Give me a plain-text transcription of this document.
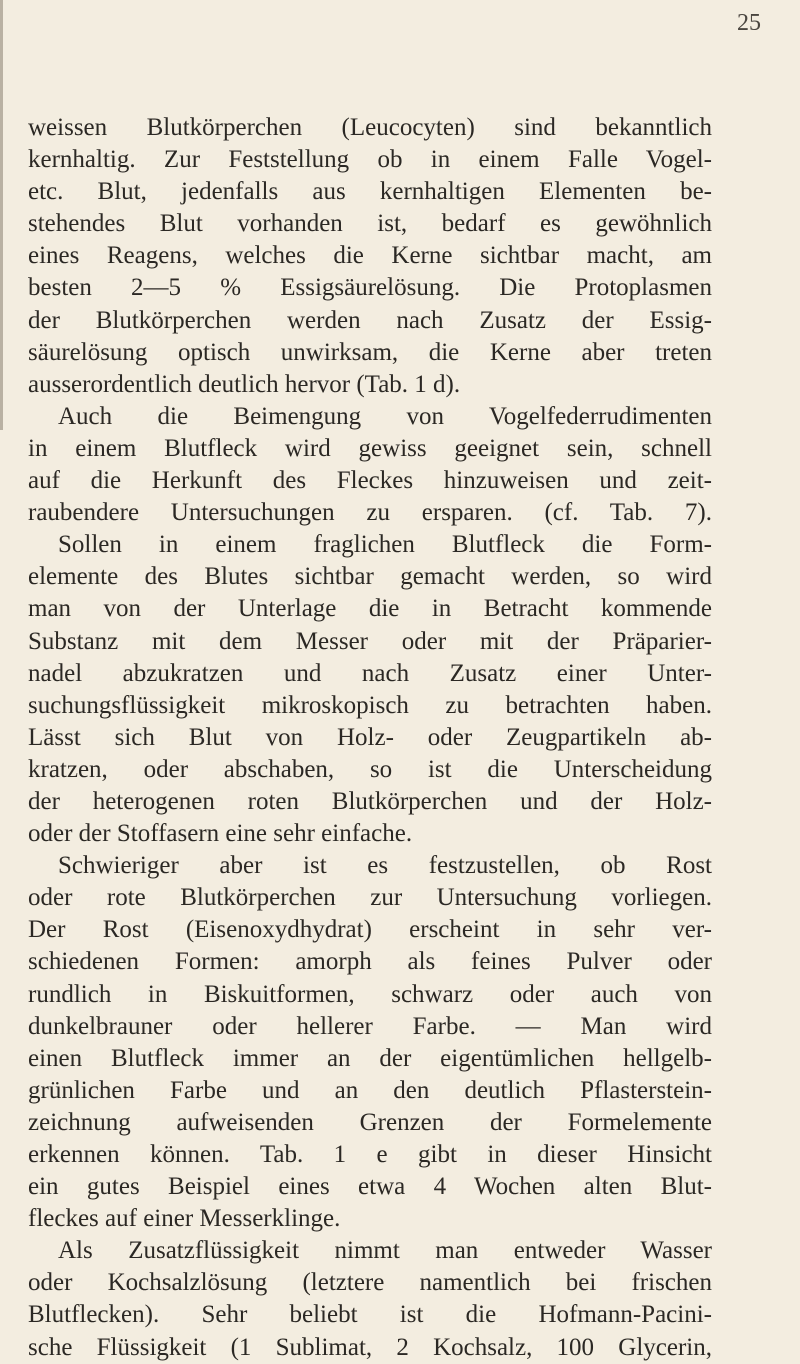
25
weissen Blutkörperchen (Leucocyten) sind bekanntlich
kernhaltig. Zur Feststellung ob in einem Falle Vogel-
etc. Blut, jedenfalls aus kernhaltigen Elementen be-
stehendes Blut vorhanden ist, bedarf es gewöhnlich
eines Reagens, welches die Kerne sichtbar macht, am
besten 2—5 % Essigsäurelösung. Die Protoplasmen
der Blutkörperchen werden nach Zusatz der Essig-
säurelösung optisch unwirksam, die Kerne aber treten
ausserordentlich deutlich hervor (Tab. 1 d).
Auch die Beimengung von Vogelfederrudimenten
in einem Blutfleck wird gewiss geeignet sein, schnell
auf die Herkunft des Fleckes hinzuweisen und zeit-
raubendere Untersuchungen zu ersparen. (cf. Tab. 7).
Sollen in einem fraglichen Blutfleck die Form-
elemente des Blutes sichtbar gemacht werden, so wird
man von der Unterlage die in Betracht kommende
Substanz mit dem Messer oder mit der Präparier-
nadel abzukratzen und nach Zusatz einer Unter-
suchungsflüssigkeit mikroskopisch zu betrachten haben.
Lässt sich Blut von Holz- oder Zeugpartikeln ab-
kratzen, oder abschaben, so ist die Unterscheidung
der heterogenen roten Blutkörperchen und der Holz-
oder der Stoffasern eine sehr einfache.
Schwieriger aber ist es festzustellen, ob Rost
oder rote Blutkörperchen zur Untersuchung vorliegen.
Der Rost (Eisenoxydhydrat) erscheint in sehr ver-
schiedenen Formen: amorph als feines Pulver oder
rundlich in Biskuitformen, schwarz oder auch von
dunkelbrauner oder hellerer Farbe. — Man wird
einen Blutfleck immer an der eigentümlichen hellgelb-
grünlichen Farbe und an den deutlich Pflasterstein-
zeichnung aufweisenden Grenzen der Formelemente
erkennen können. Tab. 1 e gibt in dieser Hinsicht
ein gutes Beispiel eines etwa 4 Wochen alten Blut-
fleckes auf einer Messerklinge.
Als Zusatzflüssigkeit nimmt man entweder Wasser
oder Kochsalzlösung (letztere namentlich bei frischen
Blutflecken). Sehr beliebt ist die Hofmann-Pacini-
sche Flüssigkeit (1 Sublimat, 2 Kochsalz, 100 Glycerin,
